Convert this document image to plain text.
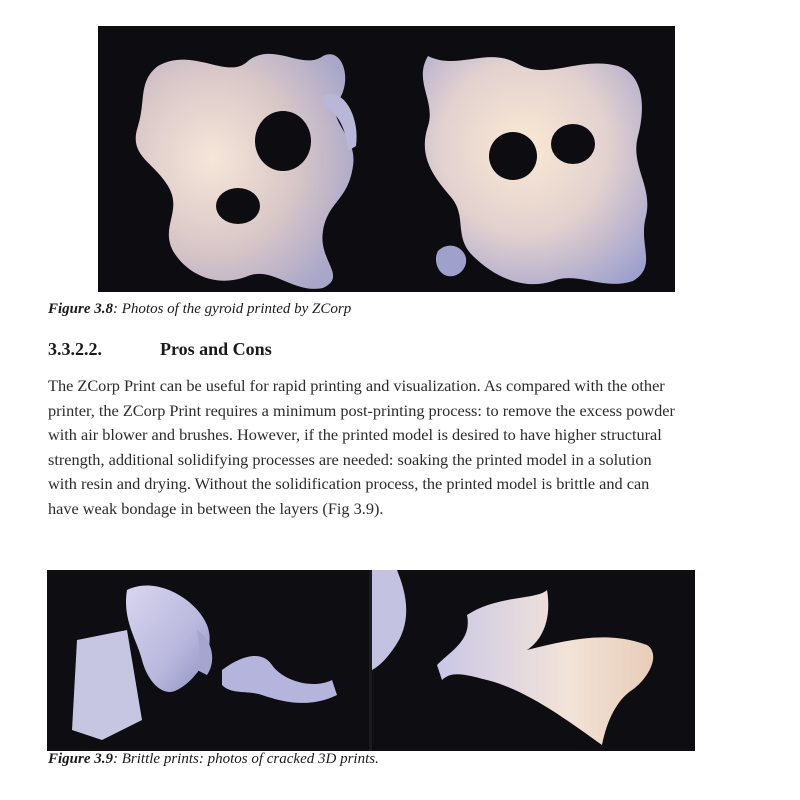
Figure 3.8: Photos of the gyroid printed by ZCorp
3.3.2.2.	Pros and Cons
The ZCorp Print can be useful for rapid printing and visualization. As compared with the other
printer, the ZCorp Print requires a minimum post-printing process: to remove the excess powder
with air blower and brushes. However, if the printed model is desired to have higher structural
strength, additional solidifying processes are needed: soaking the printed model in a solution
with resin and drying. Without the solidification process, the printed model is brittle and can
have weak bondage in between the layers (Fig 3.9).
Figure 3.9: Brittle prints: photos of cracked 3D prints.
